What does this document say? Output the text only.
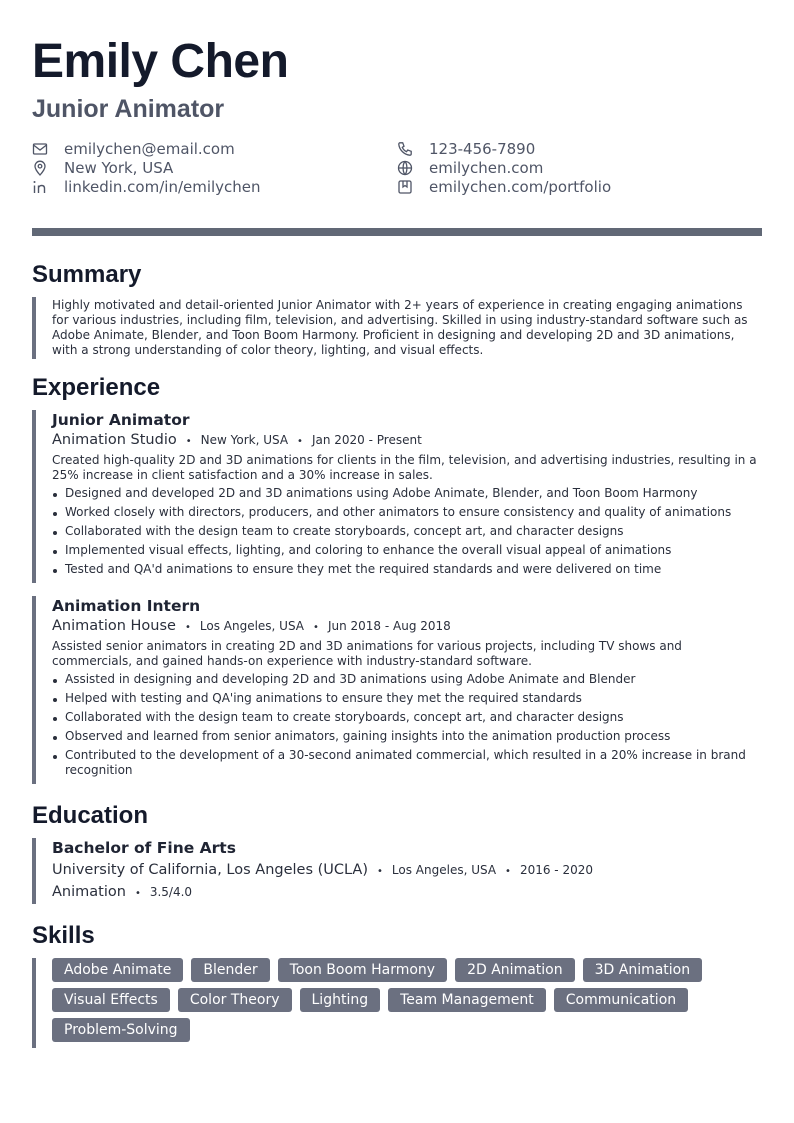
Emily Chen
Junior Animator
emilychen@email.com
New York, USA
linkedin.com/in/emilychen
123-456-7890
emilychen.com
emilychen.com/portfolio
Summary

Highly motivated and detail-oriented Junior Animator with 2+ years of experience in creating engaging animations for various industries, including film, television, and advertising. Skilled in using industry-standard software such as Adobe Animate, Blender, and Toon Boom Harmony. Proficient in designing and developing 2D and 3D animations, with a strong understanding of color theory, lighting, and visual effects.

Experience

Junior Animator

Animation Studio • New York, USA • Jan 2020 - Present

Created high-quality 2D and 3D animations for clients in the film, television, and advertising industries, resulting in a 25% increase in client satisfaction and a 30% increase in sales.

Designed and developed 2D and 3D animations using Adobe Animate, Blender, and Toon Boom Harmony
Worked closely with directors, producers, and other animators to ensure consistency and quality of animations
Collaborated with the design team to create storyboards, concept art, and character designs
Implemented visual effects, lighting, and coloring to enhance the overall visual appeal of animations
Tested and QA'd animations to ensure they met the required standards and were delivered on time

Animation Intern

Animation House • Los Angeles, USA • Jun 2018 - Aug 2018

Assisted senior animators in creating 2D and 3D animations for various projects, including TV shows and commercials, and gained hands-on experience with industry-standard software.

Assisted in designing and developing 2D and 3D animations using Adobe Animate and Blender
Helped with testing and QA'ing animations to ensure they met the required standards
Collaborated with the design team to create storyboards, concept art, and character designs
Observed and learned from senior animators, gaining insights into the animation production process
Contributed to the development of a 30-second animated commercial, which resulted in a 20% increase in brand recognition
Education

Bachelor of Fine Arts

University of California, Los Angeles (UCLA) • Los Angeles, USA • 2016 - 2020
Animation • 3.5/4.0
Skills
Adobe Animate	Blender	Toon Boom Harmony	2D Animation	3D Animation
Visual Effects	Color Theory	Lighting	Team Management	Communication
Problem-Solving
